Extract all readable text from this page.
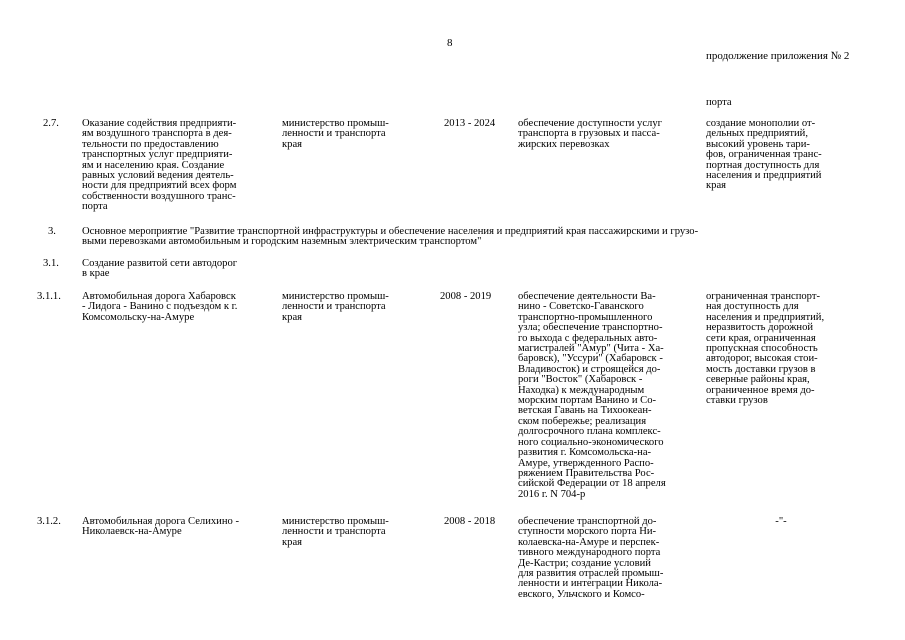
8
продолжение приложения № 2
порта
2.7. Оказание содействия предприяти-
ям воздушного транспорта в дея-
тельности по предоставлению
транспортных услуг предприяти-
ям и населению края. Создание
равных условий ведения деятель-
ности для предприятий всех форм
собственности воздушного транс-
порта
министерство промыш-
ленности и транспорта
края
2013 - 2024 обеспечение доступности услуг
транспорта в грузовых и пасса-
жирских перевозках
создание монополии от-
дельных предприятий,
высокий уровень тари-
фов, ограниченная транс-
портная доступность для
населения и предприятий
края
3. Основное мероприятие "Развитие транспортной инфраструктуры и обеспечение населения и предприятий края пассажирскими и грузо-
выми перевозками автомобильным и городским наземным электрическим транспортом"
3.1. Создание развитой сети автодорог
в крае
3.1.1. Автомобильная дорога Хабаровск
- Лидога - Ванино с подъездом к г.
Комсомольску-на-Амуре
министерство промыш-
ленности и транспорта
края
2008 - 2019	обеспечение деятельности Ва-
нино - Советско-Гаванского
транспортно-промышленного
узла; обеспечение транспортно-
го выхода с федеральных авто-
магистралей "Амур" (Чита - Ха-
баровск), "Уссури" (Хабаровск -
Владивосток) и строящейся до-
роги "Восток" (Хабаровск -
Находка) к международным
морским портам Ванино и Со-
ветская Гавань на Тихоокеан-
ском побережье; реализация
долгосрочного плана комплекс-
ного социально-экономического
развития г. Комсомольска-на-
Амуре, утвержденного Распо-
ряжением Правительства Рос-
сийской Федерации от 18 апреля
2016 г. N 704-р
ограниченная транспорт-
ная доступность для
населения и предприятий,
неразвитость дорожной
сети края, ограниченная
пропускная способность
автодорог, высокая стои-
мость доставки грузов в
северные районы края,
ограниченное время до-
ставки грузов
3.1.2. Автомобильная дорога Селихино -
Николаевск-на-Амуре
министерство промыш-
ленности и транспорта
края
2008 - 2018 обеспечение транспортной до-
ступности морского порта Ни-
колаевска-на-Амуре и перспек-
тивного международного порта
Де-Кастри; создание условий
для развития отраслей промыш-
ленности и интеграции Никола-
евского, Ульчского и Комсо-
-"-
